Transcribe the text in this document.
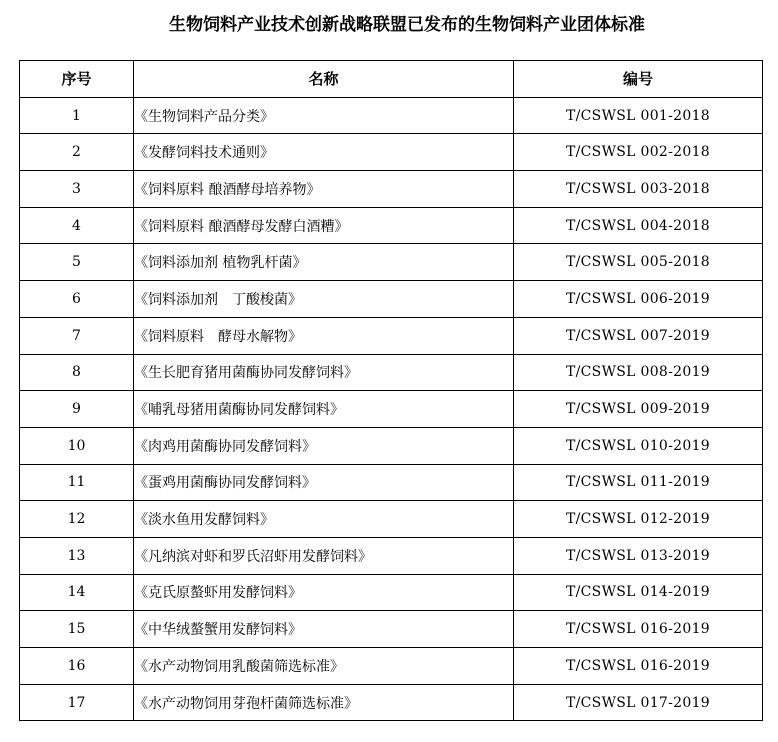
生物饲料产业技术创新战略联盟已发布的生物饲料产业团体标准
序号	名称	编号
1	《生物饲料产品分类》	T/CSWSL 001-2018
2	《发酵饲料技术通则》	T/CSWSL 002-2018
3	《饲料原料 酿酒酵母培养物》	T/CSWSL 003-2018
4	《饲料原料 酿酒酵母发酵白酒糟》	T/CSWSL 004-2018
5	《饲料添加剂 植物乳杆菌》	T/CSWSL 005-2018
6	《饲料添加剂　丁酸梭菌》	T/CSWSL 006-2019
7	《饲料原料　酵母水解物》	T/CSWSL 007-2019
8	《生长肥育猪用菌酶协同发酵饲料》	T/CSWSL 008-2019
9	《哺乳母猪用菌酶协同发酵饲料》	T/CSWSL 009-2019
10	《肉鸡用菌酶协同发酵饲料》	T/CSWSL 010-2019
11	《蛋鸡用菌酶协同发酵饲料》	T/CSWSL 011-2019
12	《淡水鱼用发酵饲料》	T/CSWSL 012-2019
13	《凡纳滨对虾和罗氏沼虾用发酵饲料》	T/CSWSL 013-2019
14	《克氏原螯虾用发酵饲料》	T/CSWSL 014-2019
15	《中华绒螯蟹用发酵饲料》	T/CSWSL 016-2019
16	《水产动物饲用乳酸菌筛选标准》	T/CSWSL 016-2019
17	《水产动物饲用芽孢杆菌筛选标准》	T/CSWSL 017-2019
